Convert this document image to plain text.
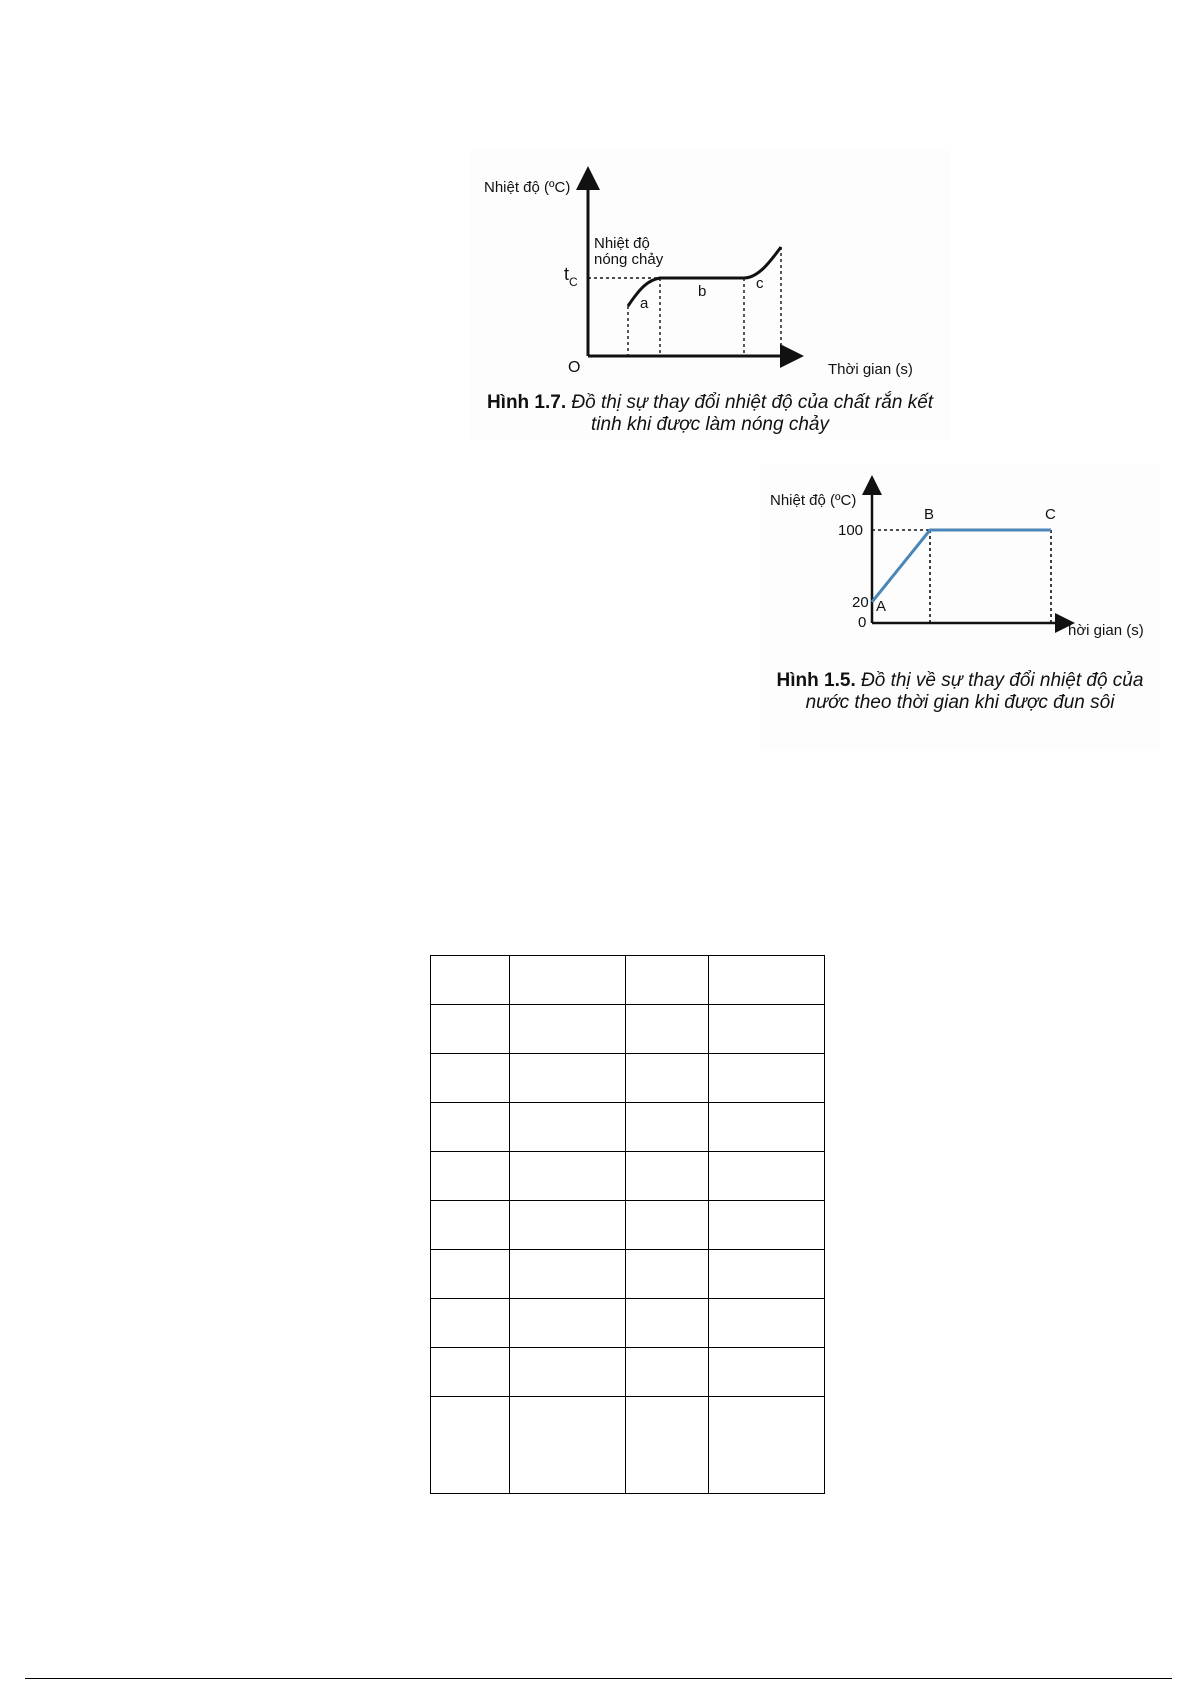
Nhiệt độ (ºC)
Thời gian (s)
O
$t_C$
Nhiệt độ
nóng chảy
a
b	c
Hình 1.7. Đồ thị sự thay đổi nhiệt độ của chất rắn kết tinh khi được làm nóng chảy
Nhiệt độ (ºC)
hời gian (s)
100
20
0
A
B	C
Hình 1.5. Đồ thị về sự thay đổi nhiệt độ của nước theo thời gian khi được đun sôi
